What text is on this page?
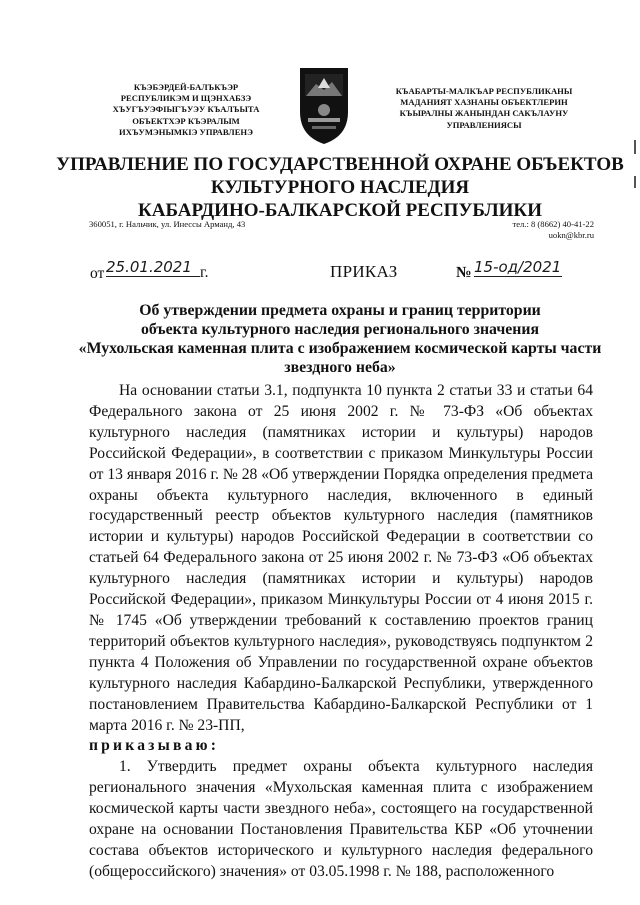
КЪЭБЭРДЕЙ-БАЛЪКЪЭР
РЕСПУБЛИКЭМ И ЩЭНХАБЗЭ
ХЪУГЪУЭФІЫГЪУЭУ КЪАЛЪЫТА
ОБЪЕКТХЭР КЪЭРАЛЫМ
ИХЪУМЭНЫМКІЭ УПРАВЛЕНЭ
КЪАБАРТЫ-МАЛКЪАР РЕСПУБЛИКАНЫ
МАДАНИЯТ ХАЗНАНЫ ОБЪЕКТЛЕРИН
КЪЫРАЛНЫ ЖАНЫНДАН САКЪЛАУНУ
УПРАВЛЕНИЯСЫ
УПРАВЛЕНИЕ ПО ГОСУДАРСТВЕННОЙ ОХРАНЕ ОБЪЕКТОВ
КУЛЬТУРНОГО НАСЛЕДИЯ
КАБАРДИНО-БАЛКАРСКОЙ РЕСПУБЛИКИ
360051, г. Нальчик, ул. Инессы Арманд, 43	тел.: 8 (8662) 40-41-22
uokn@kbr.ru
от 25.01.2021 г.	ПРИКАЗ	№ 15-од/2021
Об утверждении предмета охраны и границ территории
объекта культурного наследия регионального значения
«Мухольская каменная плита с изображением космической карты части
звездного неба»

На основании статьи 3.1, подпункта 10 пункта 2 статьи 33 и статьи 64 Федерального закона от 25 июня 2002 г. № 73-ФЗ «Об объектах культурного наследия (памятниках истории и культуры) народов Российской Федерации», в соответствии с приказом Минкультуры России от 13 января 2016 г. № 28 «Об утверждении Порядка определения предмета охраны объекта культурного наследия, включенного в единый государственный реестр объектов культурного наследия (памятников истории и культуры) народов Российской Федерации в соответствии со статьей 64 Федерального закона от 25 июня 2002 г. № 73-ФЗ «Об объектах культурного наследия (памятниках истории и культуры) народов Российской Федерации», приказом Минкультуры России от 4 июня 2015 г. № 1745 «Об утверждении требований к составлению проектов границ территорий объектов культурного наследия», руководствуясь подпунктом 2 пункта 4 Положения об Управлении по государственной охране объектов культурного наследия Кабардино-Балкарской Республики, утвержденного постановлением Правительства Кабардино-Балкарской Республики от 1 марта 2016 г. № 23-ПП,

приказываю:

1. Утвердить предмет охраны объекта культурного наследия регионального значения «Мухольская каменная плита с изображением космической карты части звездного неба», состоящего на государственной охране на основании Постановления Правительства КБР «Об уточнении состава объектов исторического и культурного наследия федерального (общероссийского) значения» от 03.05.1998 г. № 188, расположенного
